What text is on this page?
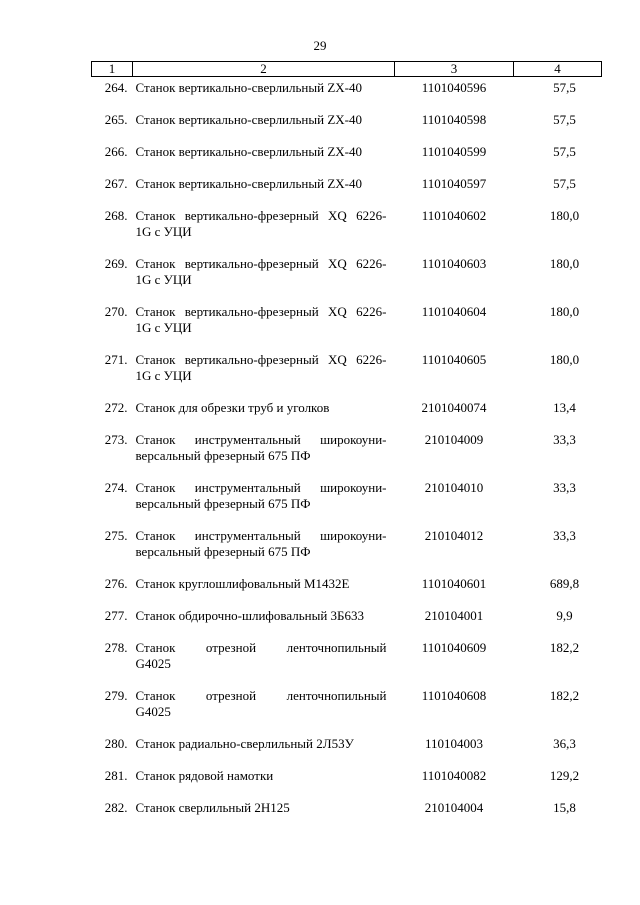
29
1	2	3	4
264.	Станок вертикально-сверлильный ZX-40	1101040596	57,5
265.	Станок вертикально-сверлильный ZX-40	1101040598	57,5
266.	Станок вертикально-сверлильный ZX-40	1101040599	57,5
267.	Станок вертикально-сверлильный ZX-40	1101040597	57,5
268.	Станок вертикально-фрезерный XQ 6226-
1G с УЦИ	1101040602	180,0
269.	Станок вертикально-фрезерный XQ 6226-
1G с УЦИ	1101040603	180,0
270.	Станок вертикально-фрезерный XQ 6226-
1G с УЦИ	1101040604	180,0
271.	Станок вертикально-фрезерный XQ 6226-
1G с УЦИ	1101040605	180,0
272.	Станок для обрезки труб и уголков	2101040074	13,4
273.	Станок инструментальный широкоуни-
версальный фрезерный 675 ПФ	210104009	33,3
274.	Станок инструментальный широкоуни-
версальный фрезерный 675 ПФ	210104010	33,3
275.	Станок инструментальный широкоуни-
версальный фрезерный 675 ПФ	210104012	33,3
276.	Станок круглошлифовальный М1432Е	1101040601	689,8
277.	Станок обдирочно-шлифовальный 3Б633	210104001	9,9
278.	Станок отрезной ленточнопильный
G4025	1101040609	182,2
279.	Станок отрезной ленточнопильный
G4025	1101040608	182,2
280.	Станок радиально-сверлильный 2Л53У	110104003	36,3
281.	Станок рядовой намотки	1101040082	129,2
282.	Станок сверлильный 2Н125	210104004	15,8
